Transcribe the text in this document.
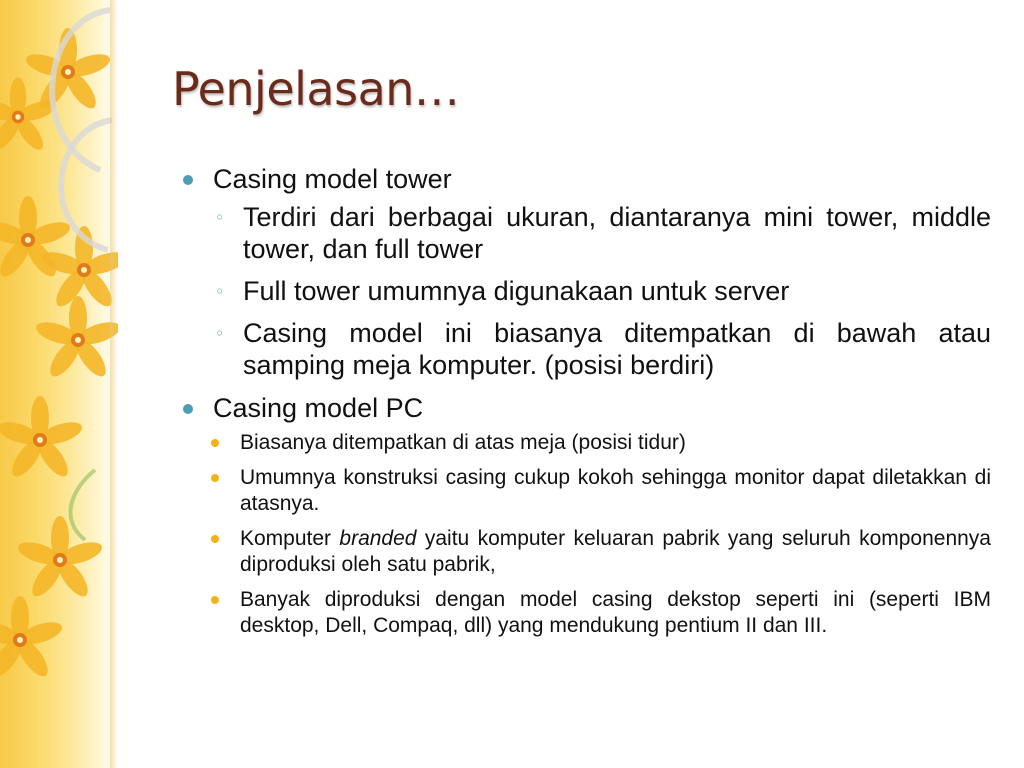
Penjelasan…
Casing model tower
◦ Terdiri dari berbagai ukuran, diantaranya mini tower, middle tower, dan full tower
◦ Full tower umumnya digunakaan untuk server
◦ Casing model ini biasanya ditempatkan di bawah atau samping meja komputer. (posisi berdiri)
Casing model PC
Biasanya ditempatkan di atas meja (posisi tidur)
Umumnya konstruksi casing cukup kokoh sehingga monitor dapat diletakkan di atasnya.
Komputer branded yaitu komputer keluaran pabrik yang seluruh komponennya diproduksi oleh satu pabrik,
Banyak diproduksi dengan model casing dekstop seperti ini (seperti IBM desktop, Dell, Compaq, dll) yang mendukung pentium II dan III.
